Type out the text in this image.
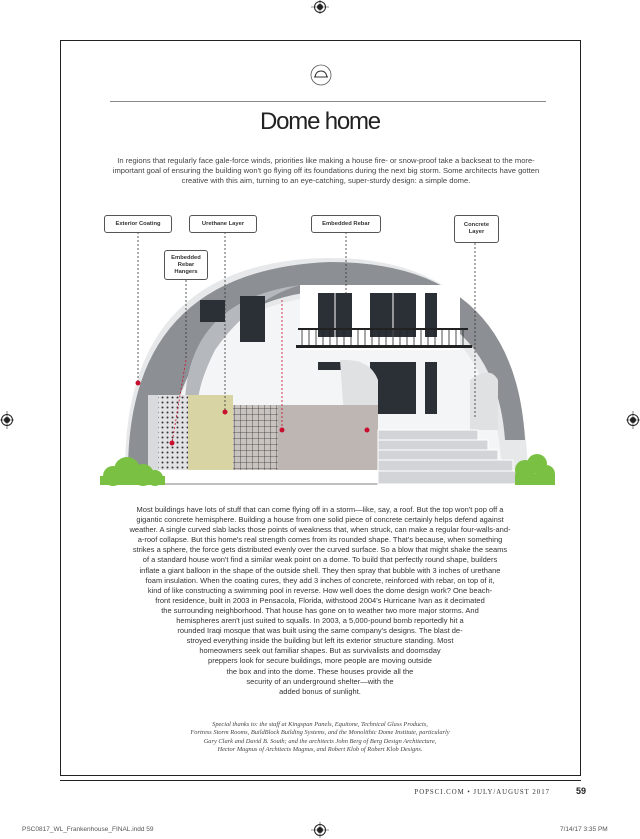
Dome home
In regions that regularly face gale-force winds, priorities like making a house fire- or snow-proof take a backseat to the more-important goal of ensuring the building won't go flying off its foundations during the next big storm. Some architects have gotten creative with this aim, turning to an eye-catching, super-sturdy design: a simple dome.
Exterior Coating	Urethane Layer	Embedded Rebar	Concrete Layer
Embedded Rebar Hangers
Most buildings have lots of stuff that can come flying off in a storm—like, say, a roof. But the top won't pop off a
gigantic concrete hemisphere. Building a house from one solid piece of concrete certainly helps defend against
weather. A single curved slab lacks those points of weakness that, when struck, can make a regular four-walls-and-
a-roof collapse. But this home's real strength comes from its rounded shape. That's because, when something
strikes a sphere, the force gets distributed evenly over the curved surface. So a blow that might shake the seams
of a standard house won't find a similar weak point on a dome. To build that perfectly round shape, builders
inflate a giant balloon in the shape of the outside shell. They then spray that bubble with 3 inches of urethane
foam insulation. When the coating cures, they add 3 inches of concrete, reinforced with rebar, on top of it,
kind of like constructing a swimming pool in reverse. How well does the dome design work? One beach-
front residence, built in 2003 in Pensacola, Florida, withstood 2004's Hurricane Ivan as it decimated
the surrounding neighborhood. That house has gone on to weather two more major storms. And
hemispheres aren't just suited to squalls. In 2003, a 5,000-pound bomb reportedly hit a
rounded Iraqi mosque that was built using the same company's designs. The blast de-
stroyed everything inside the building but left its exterior structure standing. Most
homeowners seek out familiar shapes. But as survivalists and doomsday
preppers look for secure buildings, more people are moving outside
the box and into the dome. These houses provide all the
security of an underground shelter—with the
added bonus of sunlight.
Special thanks to: the staff at Kingspan Panels, Equitone, Technical Glass Products,
Fortress Storm Rooms, BuildBlock Building Systems, and the Monolithic Dome Institute, particularly
Gary Clark and David B. South; and the architects John Berg of Berg Design Architecture,
Hector Magnus of Architects Magnus, and Robert Klob of Robert Klob Designs.
POPSCI.COM • JULY/AUGUST 2017	59
PSC0817_WL_Frankenhouse_FINAL.indd 59	7/14/17 3:35 PM
